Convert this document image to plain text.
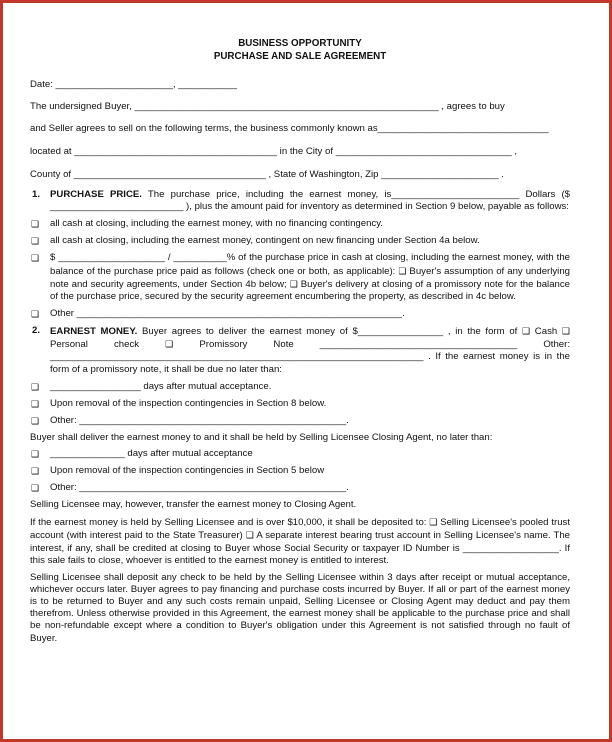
BUSINESS OPPORTUNITY
PURCHASE AND SALE AGREEMENT
Date: ______________________, ___________
The undersigned Buyer, _________________________________________________________ , agrees to buy
and Seller agrees to sell on the following terms, the business commonly known as________________________________
located at ______________________________________ in the City of _________________________________ ,
County of ____________________________________ , State of Washington, Zip ______________________ .
1. PURCHASE PRICE. The purchase price, including the earnest money, is________________________ Dollars ($ _________________________ ), plus the amount paid for inventory as determined in Section 9 below, payable as follows:
❑ all cash at closing, including the earnest money, with no financing contingency.
❑ all cash at closing, including the earnest money, contingent on new financing under Section 4a below.
❑ $ ____________________ / __________% of the purchase price in cash at closing, including the earnest money, with the balance of the purchase price paid as follows (check one or both, as applicable): ❑ Buyer's assumption of any underlying note and security agreements, under Section 4b below; ❑ Buyer's delivery at closing of a promissory note for the balance of the purchase price, secured by the security agreement encumbering the property, as described in 4c below.
❑ Other _____________________________________________________________.
2. EARNEST MONEY. Buyer agrees to deliver the earnest money of $________________ , in the form of ❑ Cash ❑ Personal check ❑ Promissory Note _____________________________________ Other: ______________________________________________________________________ . If the earnest money is in the form of a promissory note, it shall be due no later than:
❑ _________________ days after mutual acceptance.
❑ Upon removal of the inspection contingencies in Section 8 below.
❑ Other: __________________________________________________.
Buyer shall deliver the earnest money to and it shall be held by Selling Licensee Closing Agent, no later than:
❑ ______________ days after mutual acceptance
❑ Upon removal of the inspection contingencies in Section 5 below
❑ Other: __________________________________________________.
Selling Licensee may, however, transfer the earnest money to Closing Agent.
If the earnest money is held by Selling Licensee and is over $10,000, it shall be deposited to: ❑ Selling Licensee's pooled trust account (with interest paid to the State Treasurer) ❑ A separate interest bearing trust account in Selling Licensee's name. The interest, if any, shall be credited at closing to Buyer whose Social Security or taxpayer ID Number is __________________. If this sale fails to close, whoever is entitled to the earnest money is entitled to interest.
Selling Licensee shall deposit any check to be held by the Selling Licensee within 3 days after receipt or mutual acceptance, whichever occurs later. Buyer agrees to pay financing and purchase costs incurred by Buyer. If all or part of the earnest money is to be returned to Buyer and any such costs remain unpaid, Selling Licensee or Closing Agent may deduct and pay them therefrom. Unless otherwise provided in this Agreement, the earnest money shall be applicable to the purchase price and shall be non-refundable except where a condition to Buyer's obligation under this Agreement is not satisfied through no fault of Buyer.
